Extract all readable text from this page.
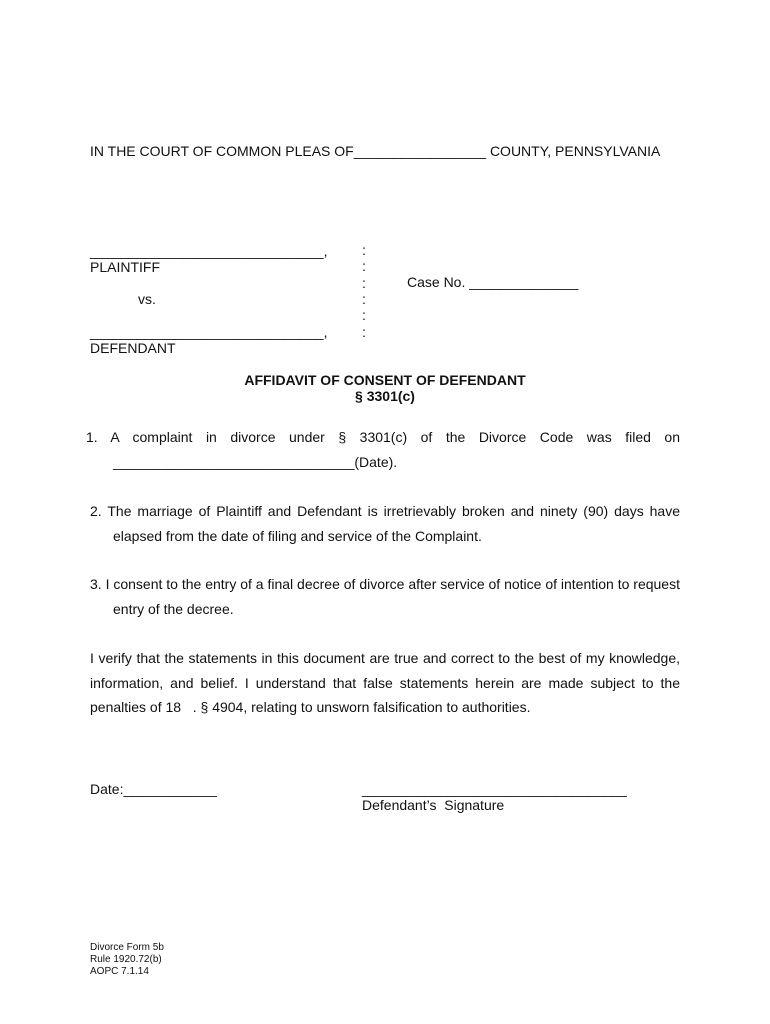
IN THE COURT OF COMMON PLEAS OF_________________ COUNTY, PENNSYLVANIA
______________________________,
PLAINTIFF
vs.
______________________________,
DEFENDANT
:
:
:
:
:
:
Case No. ______________
AFFIDAVIT OF CONSENT OF DEFENDANT
§ 3301(c)
1. A complaint in divorce under § 3301(c) of the Divorce Code was filed on
_______________________________(Date).
2. The marriage of Plaintiff and Defendant is irretrievably broken and ninety (90) days have
elapsed from the date of filing and service of the Complaint.
3. I consent to the entry of a final decree of divorce after service of notice of intention to request
entry of the decree.
I verify that the statements in this document are true and correct to the best of my knowledge,
information, and belief. I understand that false statements herein are made subject to the
penalties of 18   . § 4904, relating to unsworn falsification to authorities.
Date:____________	__________________________________
Defendant’s  Signature
Divorce Form 5b
Rule 1920.72(b)
AOPC 7.1.14
